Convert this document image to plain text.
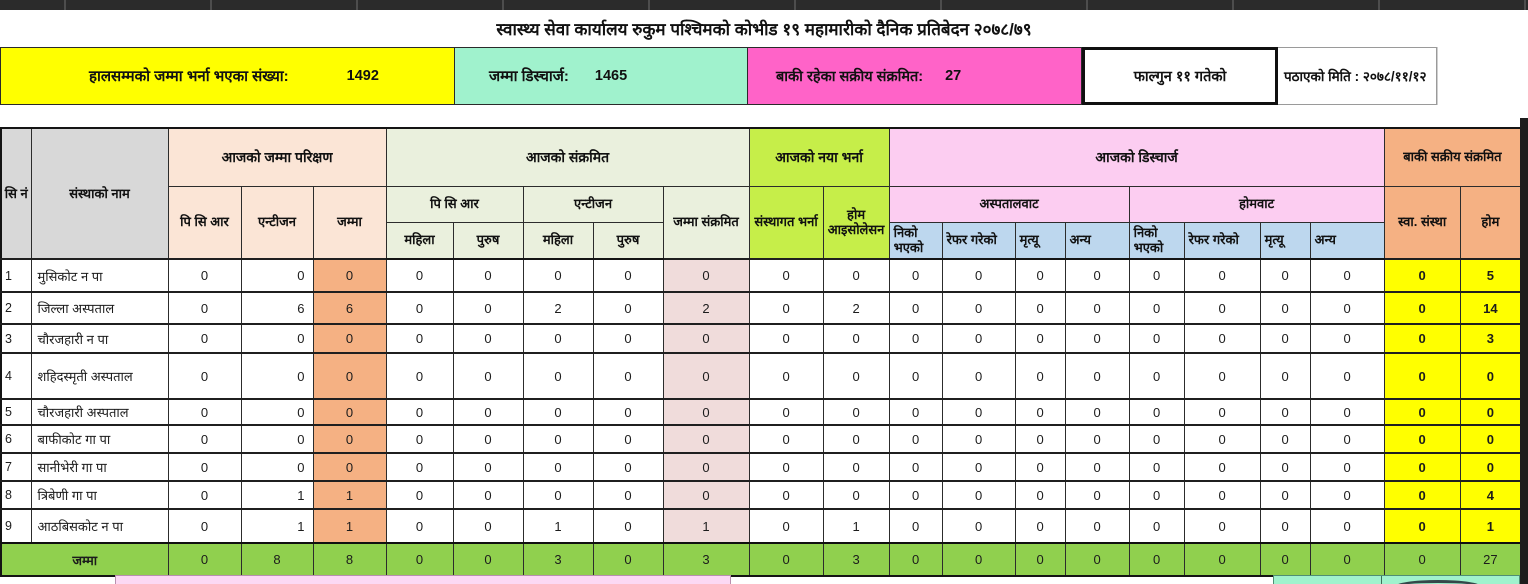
स्वास्थ्य सेवा कार्यालय रुकुम पश्चिमको कोभीड १९ महामारीको दैनिक प्रतिबेदन २०७८/७९
हालसम्मको जम्मा भर्ना भएका संख्या:	1492	जम्मा डिस्चार्ज: 1465	बाकी रहेका सक्रीय संक्रमित: 27	फाल्गुन ११ गतेको	पठाएको मिति : २०७८/११/१२
सि नं	संस्थाको नाम	आजको जम्मा परिक्षण			आजको संक्रमित					आजको नया भर्ना		आजको डिस्चार्ज								बाकी सक्रीय संक्रमित	
		पि सि आर	एन्टीजन	जम्मा	पि सि आर		एन्टीजन		जम्मा संक्रमित	संस्थागत भर्ना	होम आइसोलेसन	अस्पतालवाट				होमवाट				स्वा. संस्था	होम
					महिला	पुरुष	महिला	पुरुष				निको भएको	रेफर गरेको	मृत्यू	अन्य	निको भएको	रेफर गरेको	मृत्यू	अन्य		
1	मुसिकोट न पा	0	0	0	0	0	0	0	0	0	0	0	0	0	0	0	0	0	0	0	5
2	जिल्ला अस्पताल	0	6	6	0	0	2	0	2	0	2	0	0	0	0	0	0	0	0	0	14
3	चौरजहारी न पा	0	0	0	0	0	0	0	0	0	0	0	0	0	0	0	0	0	0	0	3
4	शहिदस्मृती अस्पताल	0	0	0	0	0	0	0	0	0	0	0	0	0	0	0	0	0	0	0	0
5	चौरजहारी अस्पताल	0	0	0	0	0	0	0	0	0	0	0	0	0	0	0	0	0	0	0	0
6	बाफीकोट गा पा	0	0	0	0	0	0	0	0	0	0	0	0	0	0	0	0	0	0	0	0
7	सानीभेरी गा पा	0	0	0	0	0	0	0	0	0	0	0	0	0	0	0	0	0	0	0	0
8	त्रिबेणी गा पा	0	1	1	0	0	0	0	0	0	0	0	0	0	0	0	0	0	0	0	4
9	आठबिसकोट न पा	0	1	1	0	0	1	0	1	0	1	0	0	0	0	0	0	0	0	0	1
जम्मा		0	8	8	0	0	3	0	3	0	3	0	0	0	0	0	0	0	0	0	27
